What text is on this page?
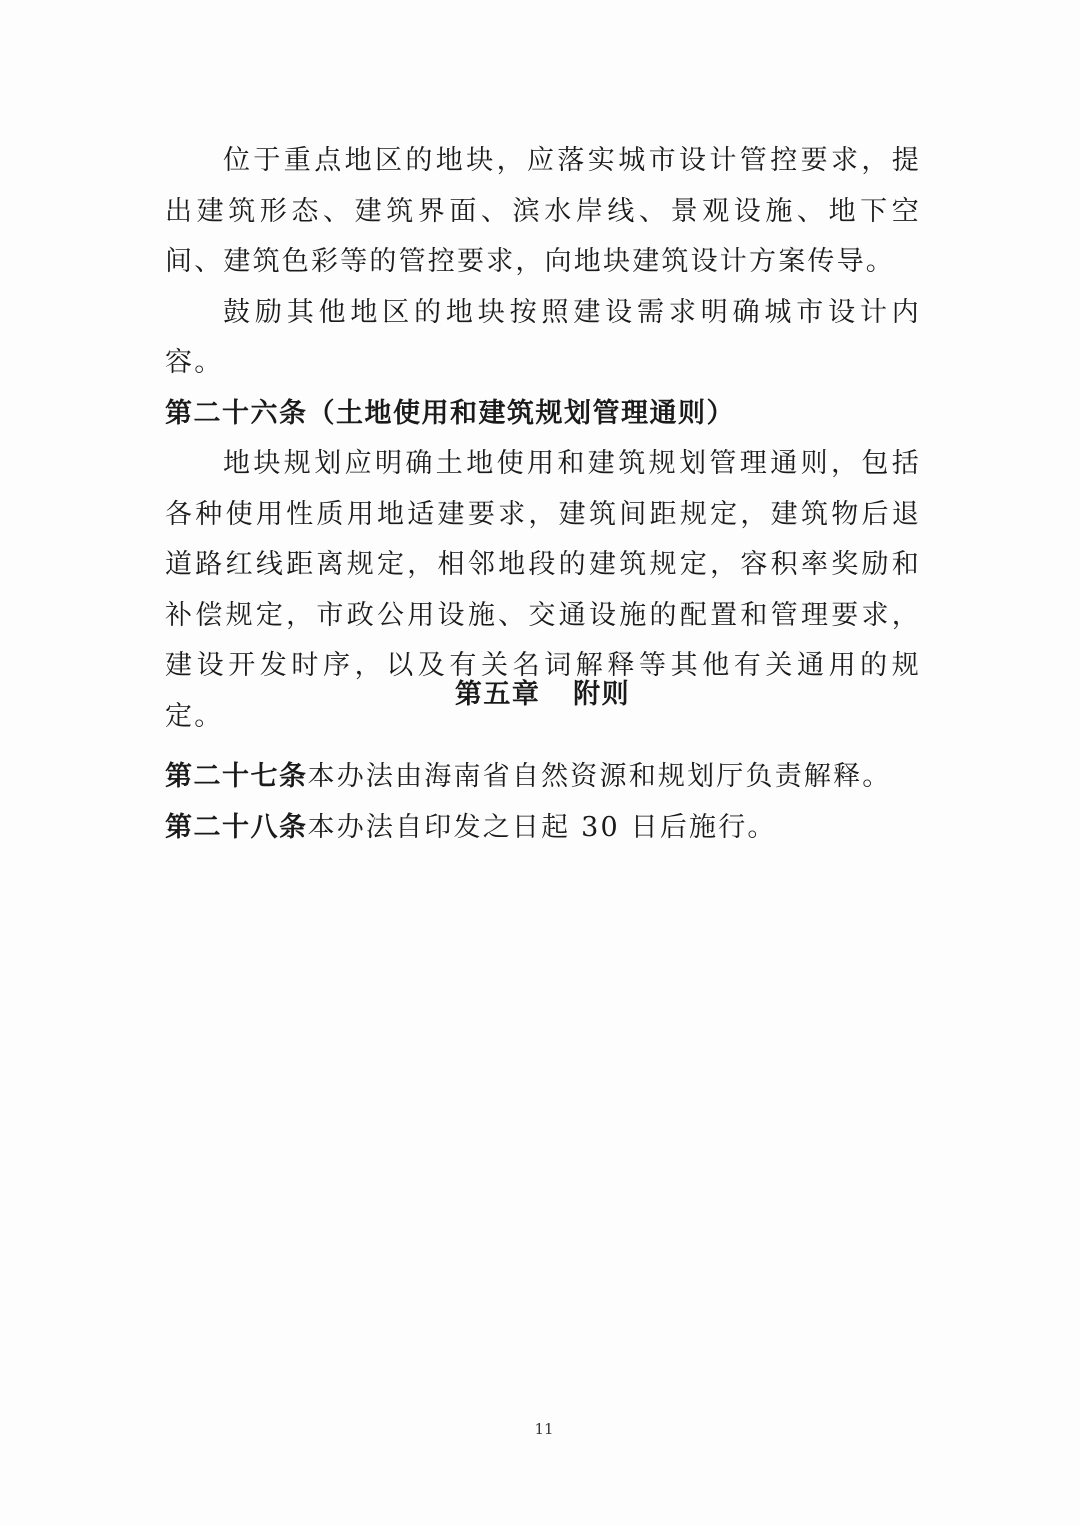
位于重点地区的地块，应落实城市设计管控要求，提出建筑形态、建筑界面、滨水岸线、景观设施、地下空间、建筑色彩等的管控要求，向地块建筑设计方案传导。

鼓励其他地区的地块按照建设需求明确城市设计内容。

第二十六条（土地使用和建筑规划管理通则）

地块规划应明确土地使用和建筑规划管理通则，包括各种使用性质用地适建要求，建筑间距规定，建筑物后退道路红线距离规定，相邻地段的建筑规定，容积率奖励和补偿规定，市政公用设施、交通设施的配置和管理要求，建设开发时序，以及有关名词解释等其他有关通用的规定。

第五章   附则

第二十七条本办法由海南省自然资源和规划厅负责解释。

第二十八条本办法自印发之日起 30 日后施行。

11
